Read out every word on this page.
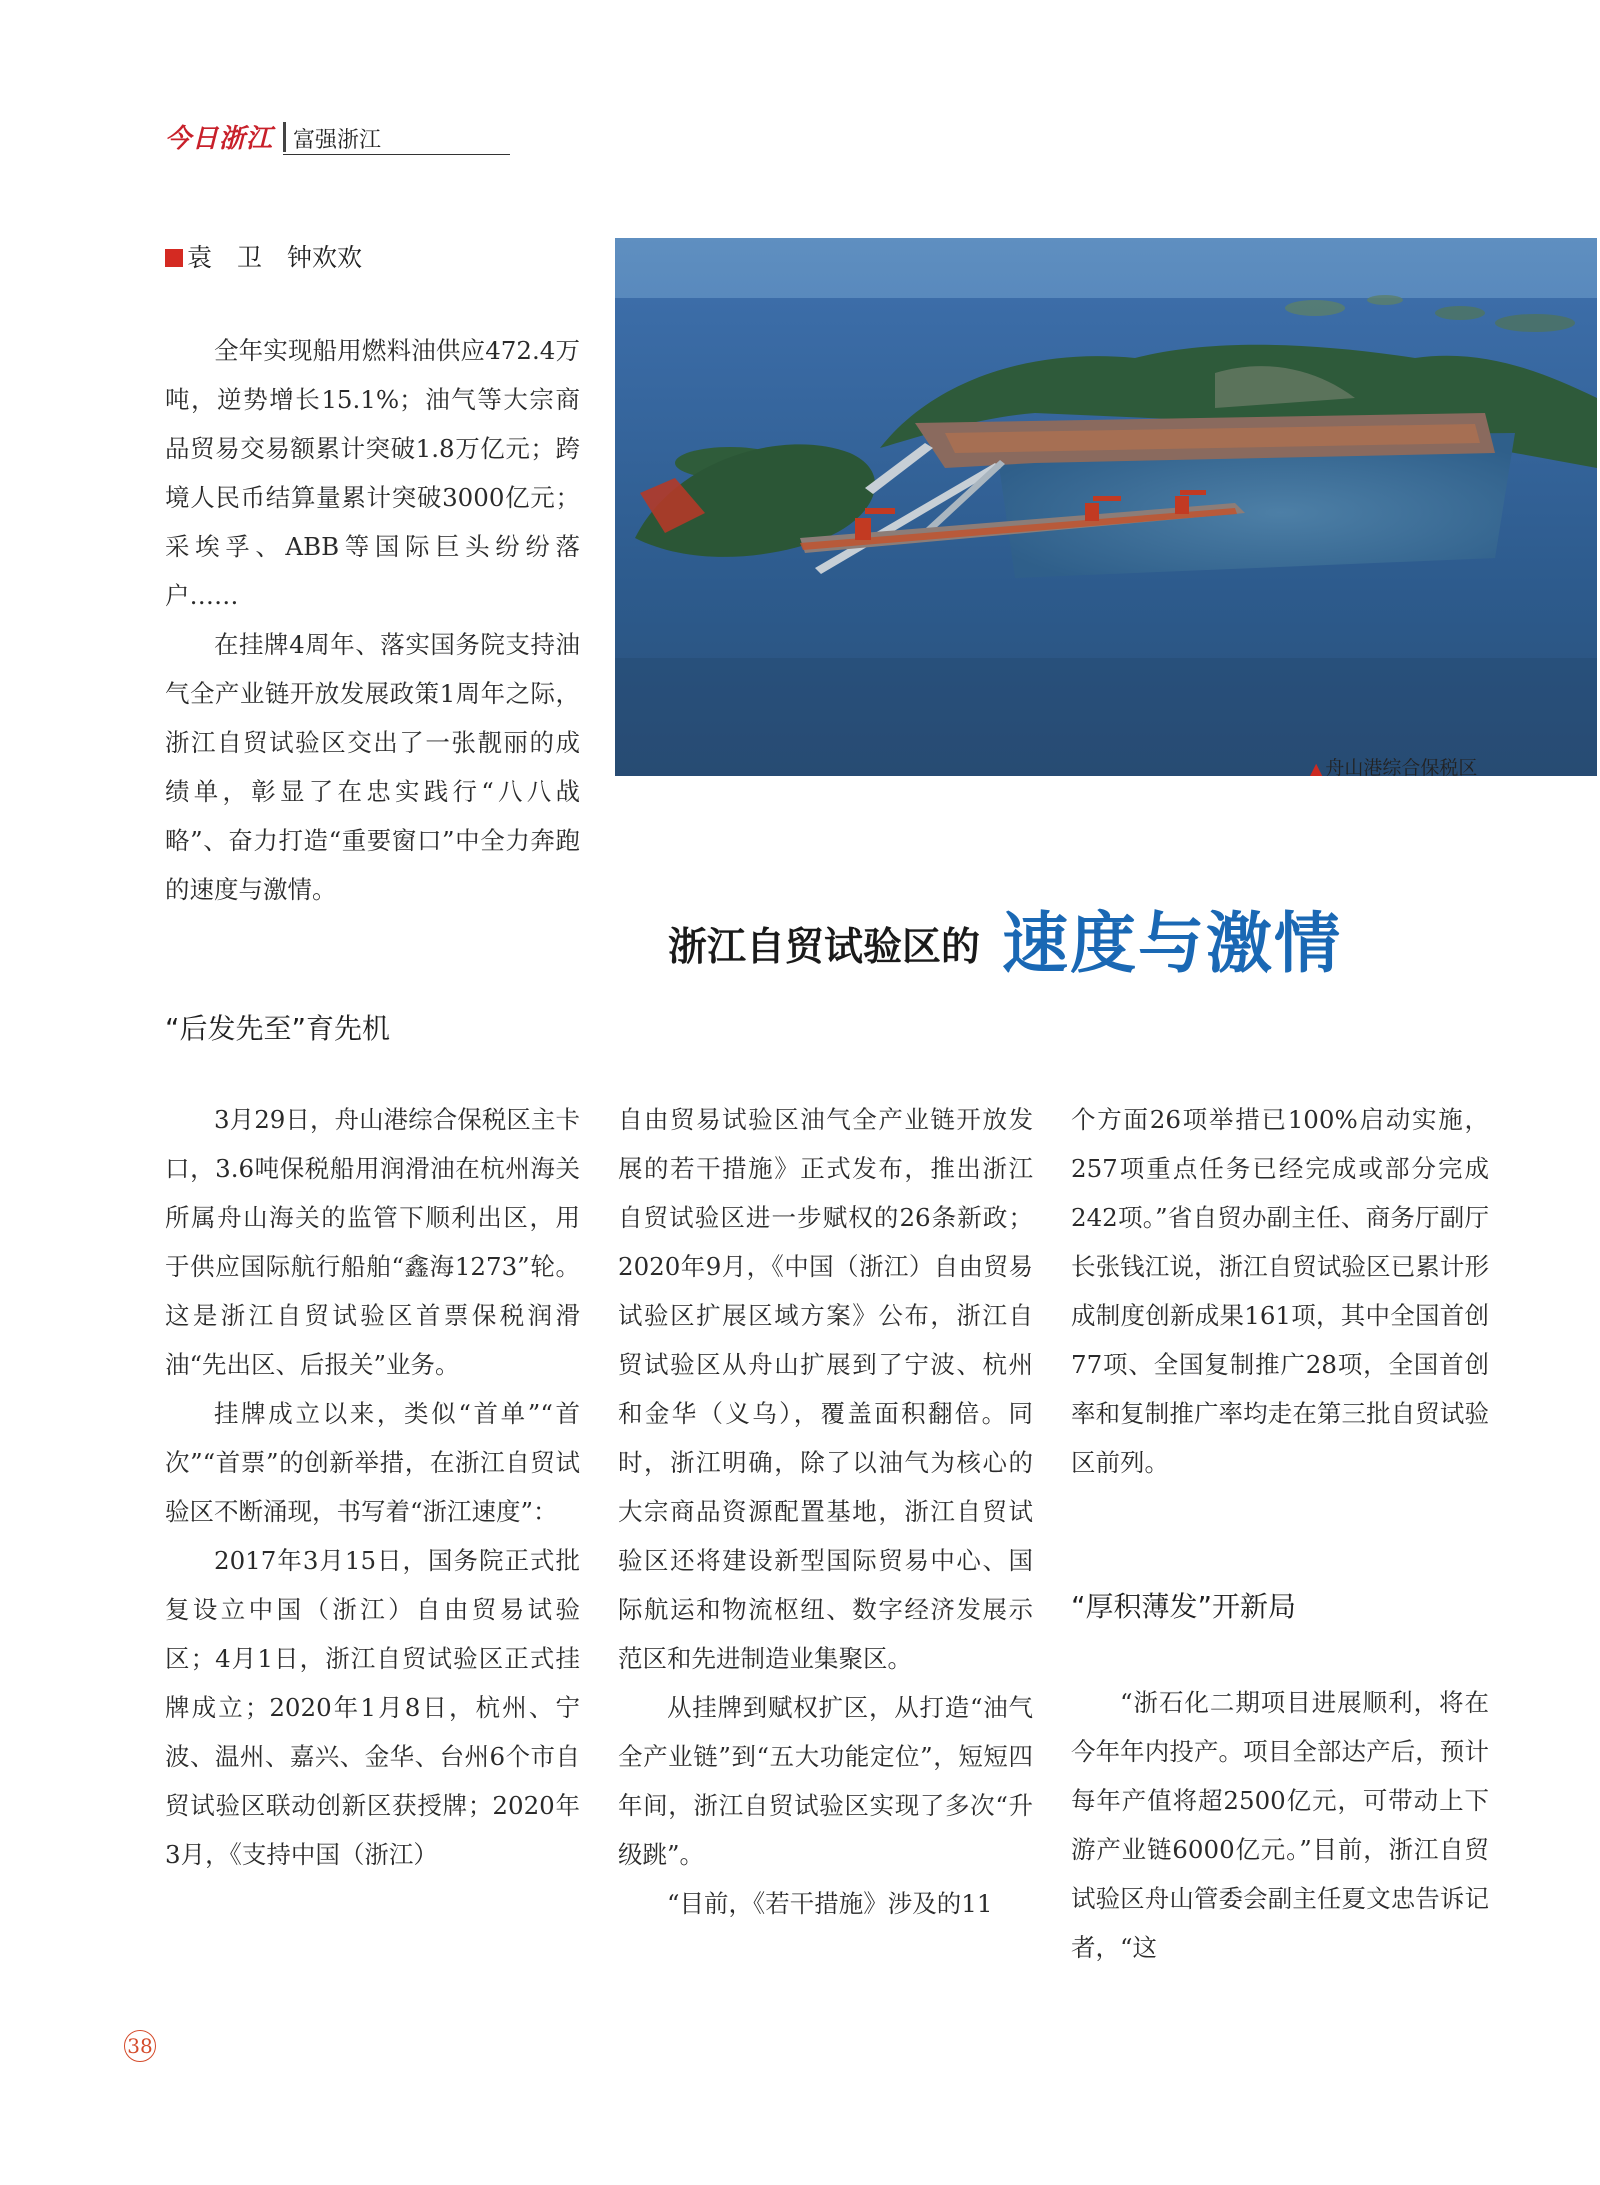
今日浙江 富强浙江
袁　卫　钟欢欢

全年实现船用燃料油供应472.4万吨，逆势增长15.1%；油气等大宗商品贸易交易额累计突破1.8万亿元；跨境人民币结算量累计突破3000亿元；采埃孚、ABB等国际巨头纷纷落户……

在挂牌4周年、落实国务院支持油气全产业链开放发展政策1周年之际，浙江自贸试验区交出了一张靓丽的成绩单，彰显了在忠实践行“八八战略”、奋力打造“重要窗口”中全力奔跑的速度与激情。

▲ 舟山港综合保税区
浙江自贸试验区的 速度与激情
“后发先至”育先机

3月29日，舟山港综合保税区主卡口，3.6吨保税船用润滑油在杭州海关所属舟山海关的监管下顺利出区，用于供应国际航行船舶“鑫海1273”轮。这是浙江自贸试验区首票保税润滑油“先出区、后报关”业务。

挂牌成立以来，类似“首单”“首次”“首票”的创新举措，在浙江自贸试验区不断涌现，书写着“浙江速度”：

2017年3月15日，国务院正式批复设立中国（浙江）自由贸易试验区；4月1日，浙江自贸试验区正式挂牌成立；2020年1月8日，杭州、宁波、温州、嘉兴、金华、台州6个市自贸试验区联动创新区获授牌；2020年3月，《支持中国（浙江）

自由贸易试验区油气全产业链开放发展的若干措施》正式发布，推出浙江自贸试验区进一步赋权的26条新政；2020年9月，《中国（浙江）自由贸易试验区扩展区域方案》公布，浙江自贸试验区从舟山扩展到了宁波、杭州和金华（义乌），覆盖面积翻倍。同时，浙江明确，除了以油气为核心的大宗商品资源配置基地，浙江自贸试验区还将建设新型国际贸易中心、国际航运和物流枢纽、数字经济发展示范区和先进制造业集聚区。

从挂牌到赋权扩区，从打造“油气全产业链”到“五大功能定位”，短短四年间，浙江自贸试验区实现了多次“升级跳”。

“目前，《若干措施》涉及的11

个方面26项举措已100%启动实施，257项重点任务已经完成或部分完成242项。”省自贸办副主任、商务厅副厅长张钱江说，浙江自贸试验区已累计形成制度创新成果161项，其中全国首创77项、全国复制推广28项，全国首创率和复制推广率均走在第三批自贸试验区前列。

“厚积薄发”开新局

“浙石化二期项目进展顺利，将在今年年内投产。项目全部达产后，预计每年产值将超2500亿元，可带动上下游产业链6000亿元。”目前，浙江自贸试验区舟山管委会副主任夏文忠告诉记者，“这

38
